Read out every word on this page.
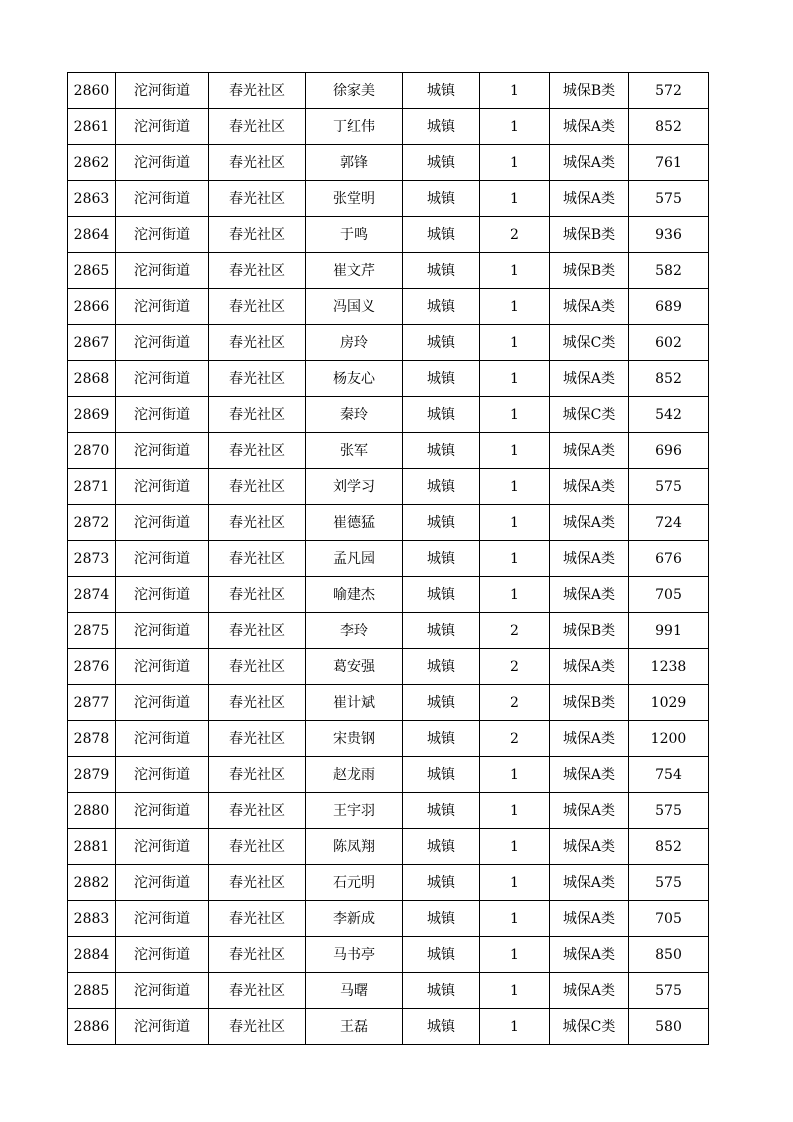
2860	沱河街道	春光社区	徐家美	城镇	1	城保B类	572
2861	沱河街道	春光社区	丁红伟	城镇	1	城保A类	852
2862	沱河街道	春光社区	郭锋	城镇	1	城保A类	761
2863	沱河街道	春光社区	张堂明	城镇	1	城保A类	575
2864	沱河街道	春光社区	于鸣	城镇	2	城保B类	936
2865	沱河街道	春光社区	崔文芹	城镇	1	城保B类	582
2866	沱河街道	春光社区	冯国义	城镇	1	城保A类	689
2867	沱河街道	春光社区	房玲	城镇	1	城保C类	602
2868	沱河街道	春光社区	杨友心	城镇	1	城保A类	852
2869	沱河街道	春光社区	秦玲	城镇	1	城保C类	542
2870	沱河街道	春光社区	张军	城镇	1	城保A类	696
2871	沱河街道	春光社区	刘学习	城镇	1	城保A类	575
2872	沱河街道	春光社区	崔德猛	城镇	1	城保A类	724
2873	沱河街道	春光社区	孟凡园	城镇	1	城保A类	676
2874	沱河街道	春光社区	喻建杰	城镇	1	城保A类	705
2875	沱河街道	春光社区	李玲	城镇	2	城保B类	991
2876	沱河街道	春光社区	葛安强	城镇	2	城保A类	1238
2877	沱河街道	春光社区	崔计斌	城镇	2	城保B类	1029
2878	沱河街道	春光社区	宋贵钢	城镇	2	城保A类	1200
2879	沱河街道	春光社区	赵龙雨	城镇	1	城保A类	754
2880	沱河街道	春光社区	王宇羽	城镇	1	城保A类	575
2881	沱河街道	春光社区	陈凤翔	城镇	1	城保A类	852
2882	沱河街道	春光社区	石元明	城镇	1	城保A类	575
2883	沱河街道	春光社区	李新成	城镇	1	城保A类	705
2884	沱河街道	春光社区	马书亭	城镇	1	城保A类	850
2885	沱河街道	春光社区	马曙	城镇	1	城保A类	575
2886	沱河街道	春光社区	王磊	城镇	1	城保C类	580
